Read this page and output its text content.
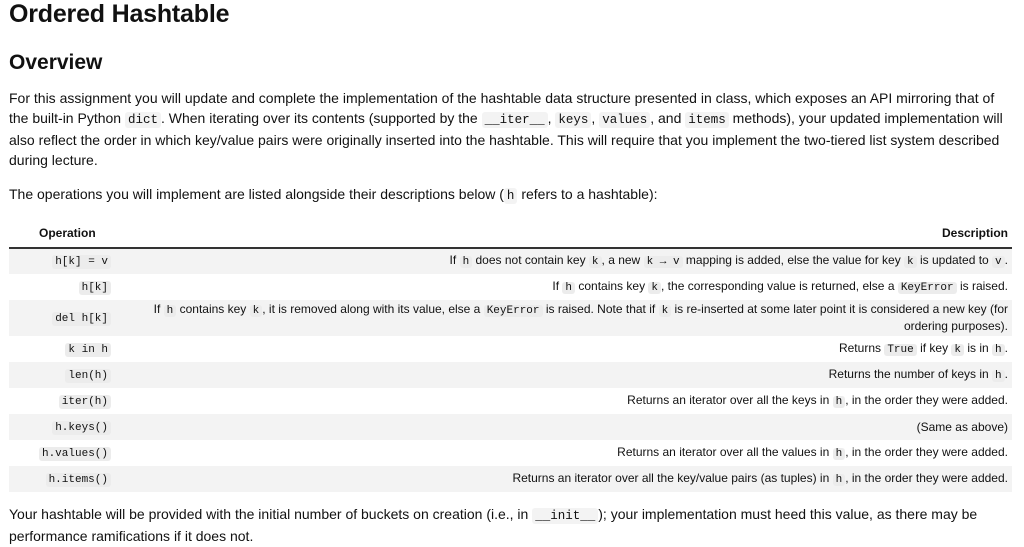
Ordered Hashtable
Overview

For this assignment you will update and complete the implementation of the hashtable data structure presented in class, which exposes an API mirroring that of the built-in Python dict . When iterating over its contents (supported by the __iter__ , keys , values , and items methods), your updated implementation will also reflect the order in which key/value pairs were originally inserted into the hashtable. This will require that you implement the two-tiered list system described during lecture.

The operations you will implement are listed alongside their descriptions below ( h refers to a hashtable):

Operation	Description
h[k] = v	If h does not contain key k , a new k → v mapping is added, else the value for key k is updated to v .
h[k]	If h contains key k , the corresponding value is returned, else a KeyError is raised.
del h[k]	If h contains key k , it is removed along with its value, else a KeyError is raised. Note that if k is re-inserted at some later point it is considered a new key (for ordering purposes).
k in h	Returns True if key k is in h .
len(h)	Returns the number of keys in h .
iter(h)	Returns an iterator over all the keys in h , in the order they were added.
h.keys()	(Same as above)
h.values()	Returns an iterator over all the values in h , in the order they were added.
h.items()	Returns an iterator over all the key/value pairs (as tuples) in h , in the order they were added.

Your hashtable will be provided with the initial number of buckets on creation (i.e., in __init__ ); your implementation must heed this value, as there may be performance ramifications if it does not.
